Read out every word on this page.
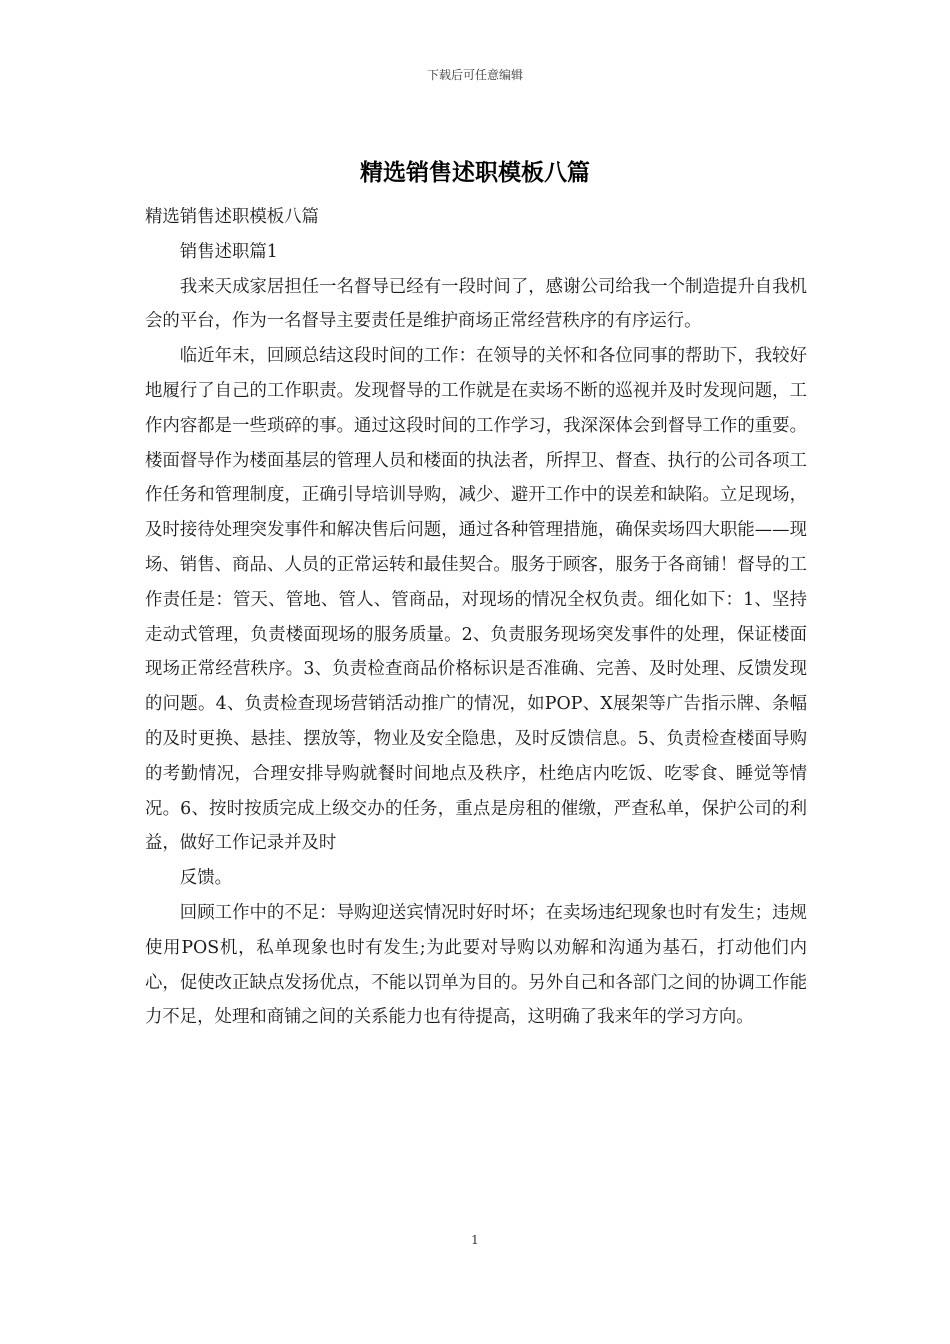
下载后可任意编辑
精选销售述职模板八篇

精选销售述职模板八篇

销售述职篇1

我来天成家居担任一名督导已经有一段时间了，感谢公司给我一个制造提升自我机会的平台，作为一名督导主要责任是维护商场正常经营秩序的有序运行。

临近年末，回顾总结这段时间的工作：在领导的关怀和各位同事的帮助下，我较好地履行了自己的工作职责。发现督导的工作就是在卖场不断的巡视并及时发现问题，工作内容都是一些琐碎的事。通过这段时间的工作学习，我深深体会到督导工作的重要。楼面督导作为楼面基层的管理人员和楼面的执法者，所捍卫、督查、执行的公司各项工作任务和管理制度，正确引导培训导购，减少、避开工作中的误差和缺陷。立足现场，及时接待处理突发事件和解决售后问题，通过各种管理措施，确保卖场四大职能——现场、销售、商品、人员的正常运转和最佳契合。服务于顾客，服务于各商铺！督导的工作责任是：管天、管地、管人、管商品，对现场的情况全权负责。细化如下：1、坚持走动式管理，负责楼面现场的服务质量。2、负责服务现场突发事件的处理，保证楼面现场正常经营秩序。3、负责检查商品价格标识是否准确、完善、及时处理、反馈发现的问题。4、负责检查现场营销活动推广的情况，如POP、X展架等广告指示牌、条幅的及时更换、悬挂、摆放等，物业及安全隐患，及时反馈信息。5、负责检查楼面导购的考勤情况，合理安排导购就餐时间地点及秩序，杜绝店内吃饭、吃零食、睡觉等情况。6、按时按质完成上级交办的任务，重点是房租的催缴，严查私单，保护公司的利益，做好工作记录并及时

反馈。

回顾工作中的不足：导购迎送宾情况时好时坏；在卖场违纪现象也时有发生；违规使用POS机，私单现象也时有发生;为此要对导购以劝解和沟通为基石，打动他们内心，促使改正缺点发扬优点，不能以罚单为目的。另外自己和各部门之间的协调工作能力不足，处理和商铺之间的关系能力也有待提高，这明确了我来年的学习方向。

1
